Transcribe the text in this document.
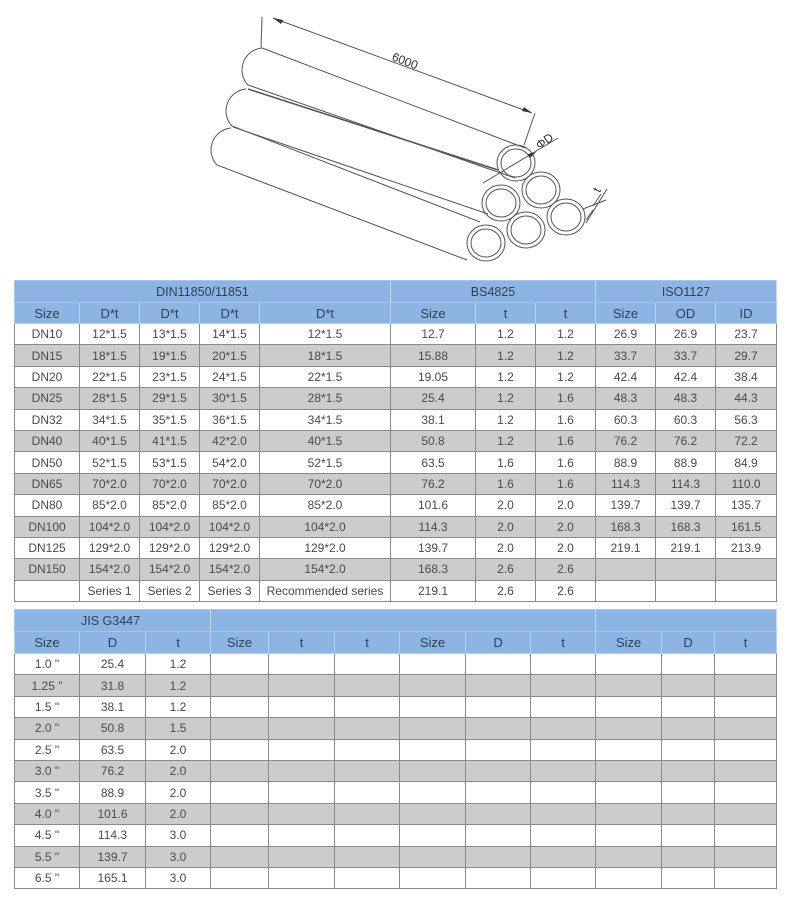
6000
ΦD
t
DIN11850/11851					BS4825			ISO1127		
Size	D*t	D*t	D*t	D*t	Size	t	t	Size	OD	ID
DN10	12*1.5	13*1.5	14*1.5	12*1.5	12.7	1.2	1.2	26.9	26.9	23.7
DN15	18*1.5	19*1.5	20*1.5	18*1.5	15.88	1.2	1.2	33.7	33.7	29.7
DN20	22*1.5	23*1.5	24*1.5	22*1.5	19.05	1.2	1.2	42.4	42.4	38.4
DN25	28*1.5	29*1.5	30*1.5	28*1.5	25.4	1.2	1.6	48.3	48.3	44.3
DN32	34*1.5	35*1.5	36*1.5	34*1.5	38.1	1.2	1.6	60.3	60.3	56.3
DN40	40*1.5	41*1.5	42*2.0	40*1.5	50.8	1.2	1.6	76.2	76.2	72.2
DN50	52*1.5	53*1.5	54*2.0	52*1.5	63.5	1.6	1.6	88.9	88.9	84.9
DN65	70*2.0	70*2.0	70*2.0	70*2.0	76.2	1.6	1.6	114.3	114.3	110.0
DN80	85*2.0	85*2.0	85*2.0	85*2.0	101.6	2.0	2.0	139.7	139.7	135.7
DN100	104*2.0	104*2.0	104*2.0	104*2.0	114.3	2.0	2.0	168.3	168.3	161.5
DN125	129*2.0	129*2.0	129*2.0	129*2.0	139.7	2.0	2.0	219.1	219.1	213.9
DN150	154*2.0	154*2.0	154*2.0	154*2.0	168.3	2.6	2.6			
	Series 1	Series 2	Series 3	Recommended series	219.1	2.6	2.6			
JIS G3447											
Size	D	t	Size	t	t	Size	D	t	Size	D	t
1.0 "	25.4	1.2									
1.25 "	31.8	1.2									
1.5 "	38.1	1.2									
2.0 "	50.8	1.5									
2.5 "	63.5	2.0									
3.0 "	76.2	2.0									
3.5 "	88.9	2.0									
4.0 "	101.6	2.0									
4.5 "	114.3	3.0									
5.5 "	139.7	3.0									
6.5 "	165.1	3.0									
